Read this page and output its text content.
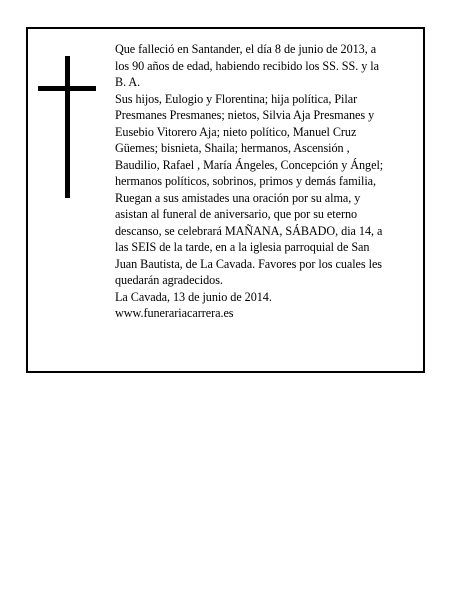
Que falleció en Santander, el día 8 de junio de 2013, a
los 90 años de edad, habiendo recibido los SS. SS. y la
B. A.
Sus hijos, Eulogio y Florentina; hija política, Pilar
Presmanes Presmanes; nietos, Silvia Aja Presmanes y
Eusebio Vitorero Aja; nieto político, Manuel Cruz
Güemes; bisnieta, Shaila; hermanos, Ascensión ,
Baudilio, Rafael , María Ángeles, Concepción y Ángel;
hermanos políticos, sobrinos, primos y demás familia,
Ruegan a sus amistades una oración por su alma, y
asistan al funeral de aniversario, que por su eterno
descanso, se celebrará MAÑANA, SÁBADO, dia 14, a
las SEIS de la tarde, en a la iglesia parroquial de San
Juan Bautista, de La Cavada. Favores por los cuales les
quedarán agradecidos.
La Cavada, 13 de junio de 2014.
www.funerariacarrera.es
